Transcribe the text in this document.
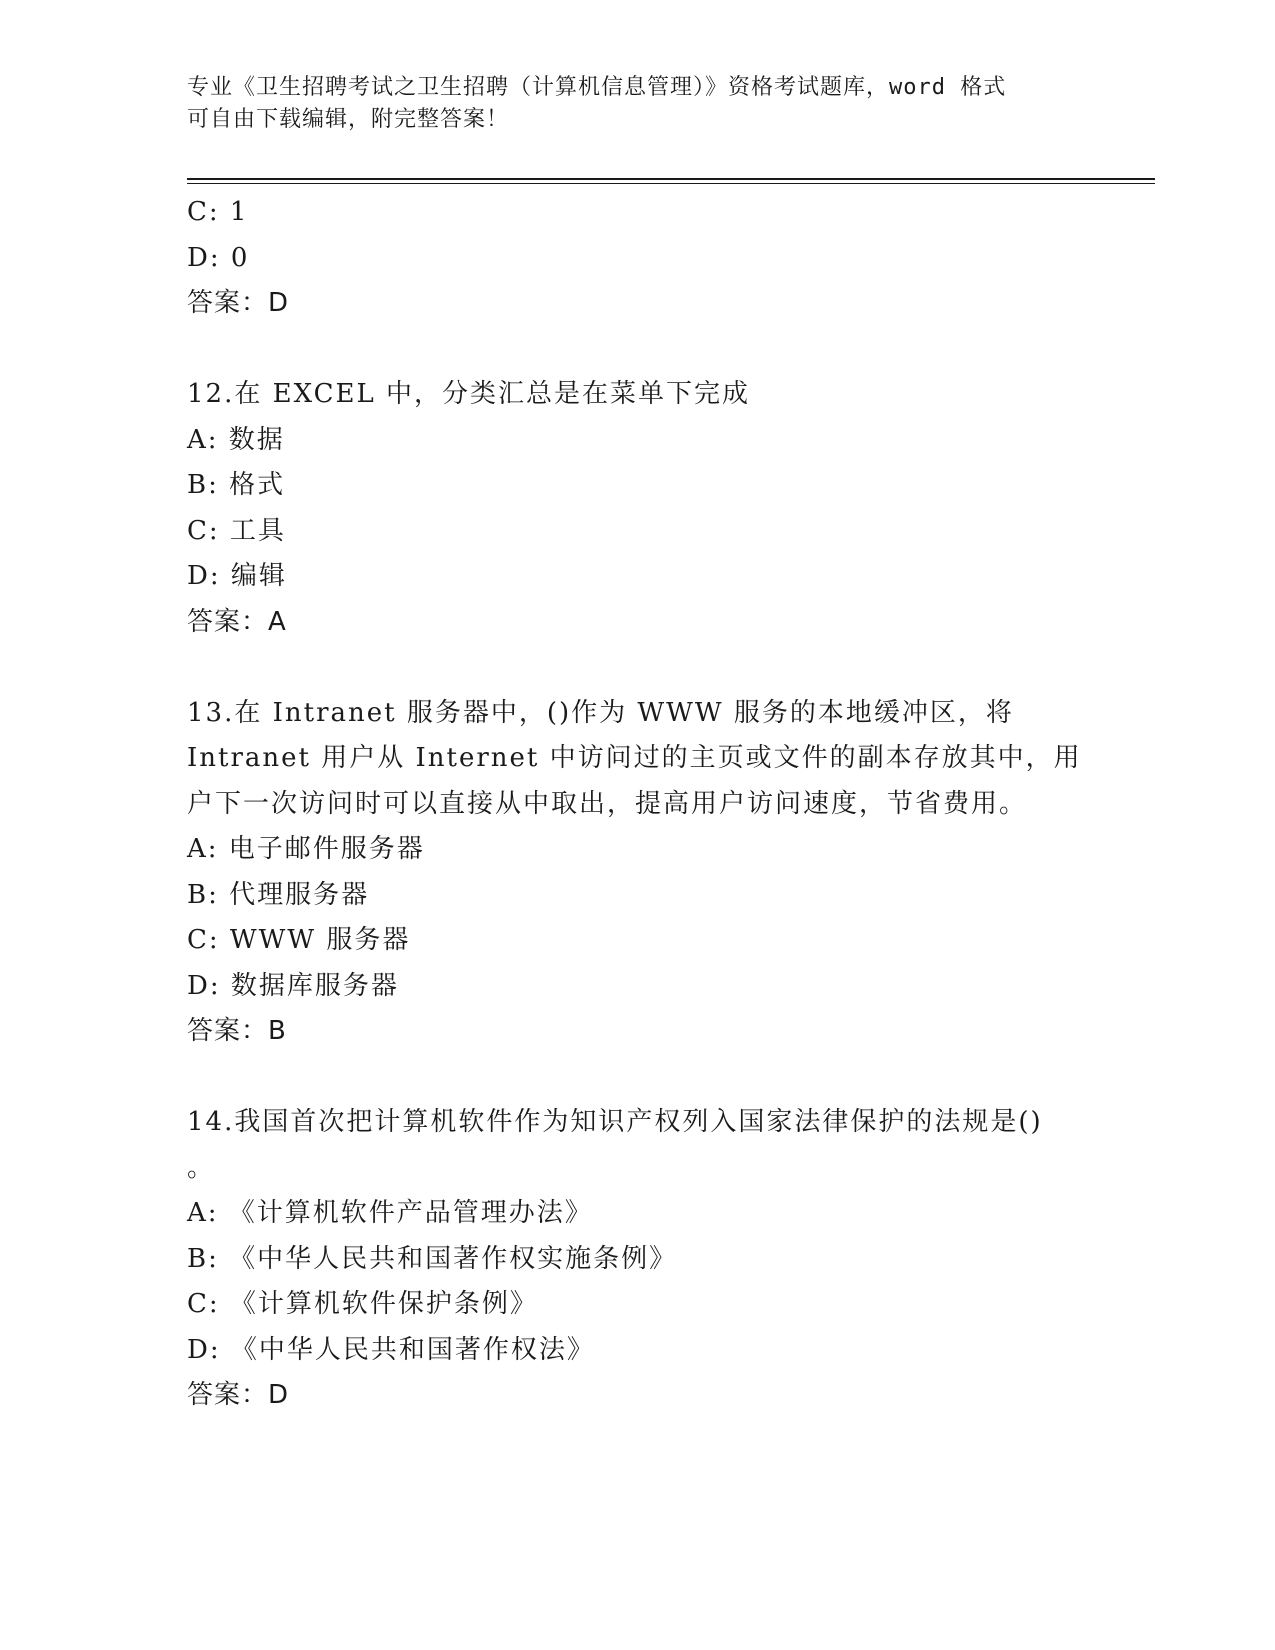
专业《卫生招聘考试之卫生招聘（计算机信息管理）》资格考试题库，word 格式
可自由下载编辑，附完整答案！
C: 1
D: 0
答案：D
12.在 EXCEL 中，分类汇总是在菜单下完成
A: 数据
B: 格式
C: 工具
D: 编辑
答案：A
13.在 Intranet 服务器中，()作为 WWW 服务的本地缓冲区，将
Intranet 用户从 Internet 中访问过的主页或文件的副本存放其中，用
户下一次访问时可以直接从中取出，提高用户访问速度，节省费用。
A: 电子邮件服务器
B: 代理服务器
C: WWW 服务器
D: 数据库服务器
答案：B
14.我国首次把计算机软件作为知识产权列入国家法律保护的法规是()
。
A: 《计算机软件产品管理办法》
B: 《中华人民共和国著作权实施条例》
C: 《计算机软件保护条例》
D: 《中华人民共和国著作权法》
答案：D
